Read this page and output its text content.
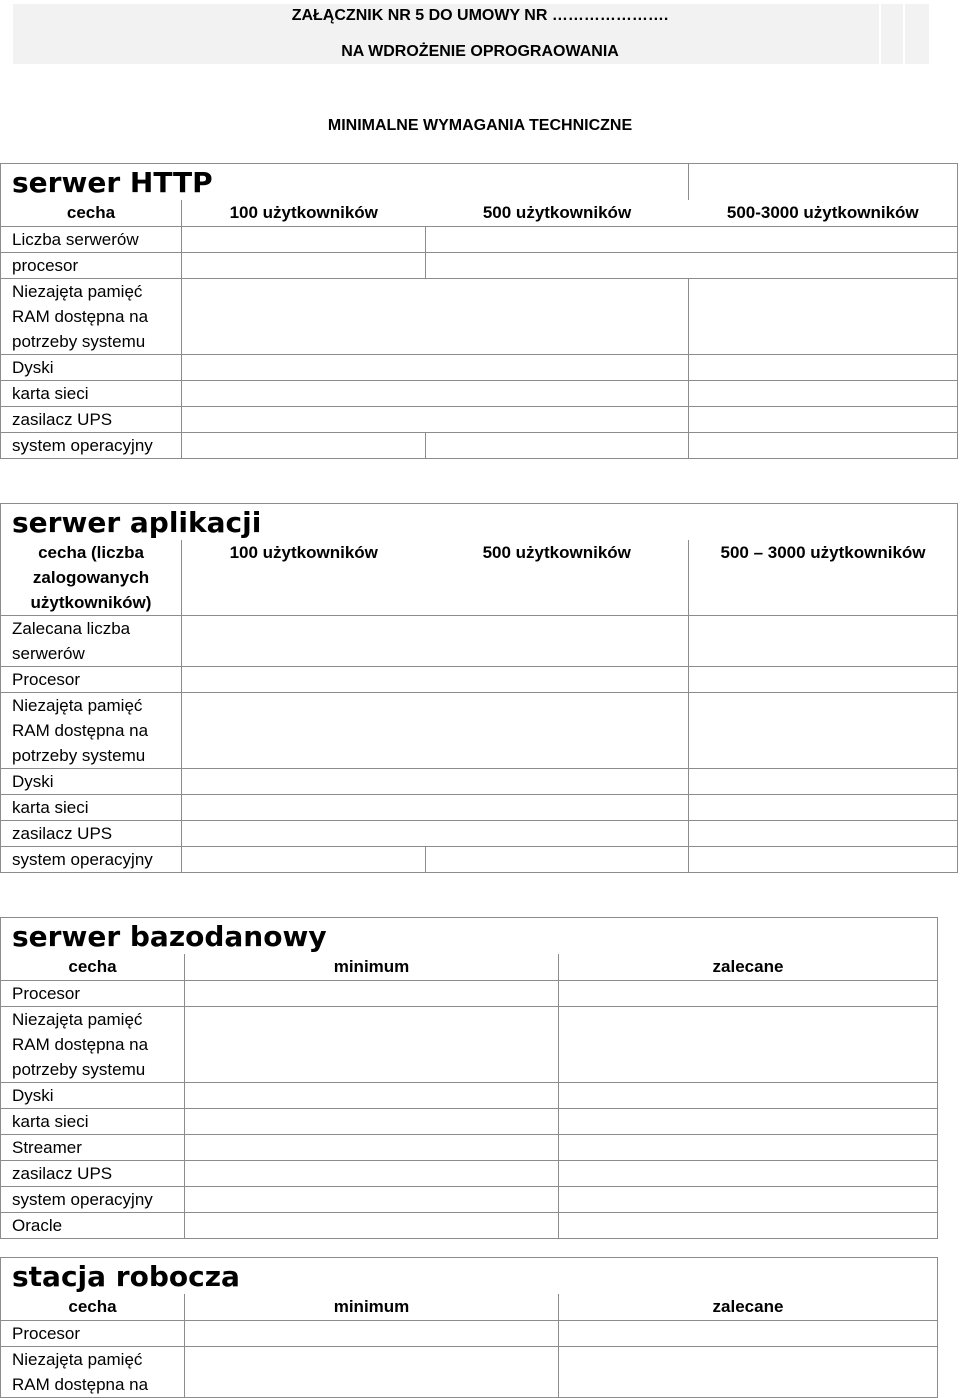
ZAŁĄCZNIK NR 5 DO UMOWY NR ………………….
NA WDROŻENIE OPROGRAOWANIA
MINIMALNE WYMAGANIA TECHNICZNE
serwer HTTP			
cecha	100 użytkowników	500 użytkowników	500-3000 użytkowników
Liczba serwerów			
procesor			
Niezajęta pamięć RAM dostępna na potrzeby systemu			
Dyski			
karta sieci			
zasilacz UPS			
system operacyjny			
serwer aplikacji			
cecha (liczba zalogowanych użytkowników)	100 użytkowników	500 użytkowników	500 – 3000 użytkowników
Zalecana liczba serwerów			
Procesor			
Niezajęta pamięć RAM dostępna na potrzeby systemu			
Dyski			
karta sieci			
zasilacz UPS			
system operacyjny			
serwer bazodanowy		
cecha	minimum	zalecane
Procesor		
Niezajęta pamięć RAM dostępna na potrzeby systemu		
Dyski		
karta sieci		
Streamer		
zasilacz UPS		
system operacyjny		
Oracle		
stacja robocza		
cecha	minimum	zalecane
Procesor		
Niezajęta pamięć RAM dostępna na		
